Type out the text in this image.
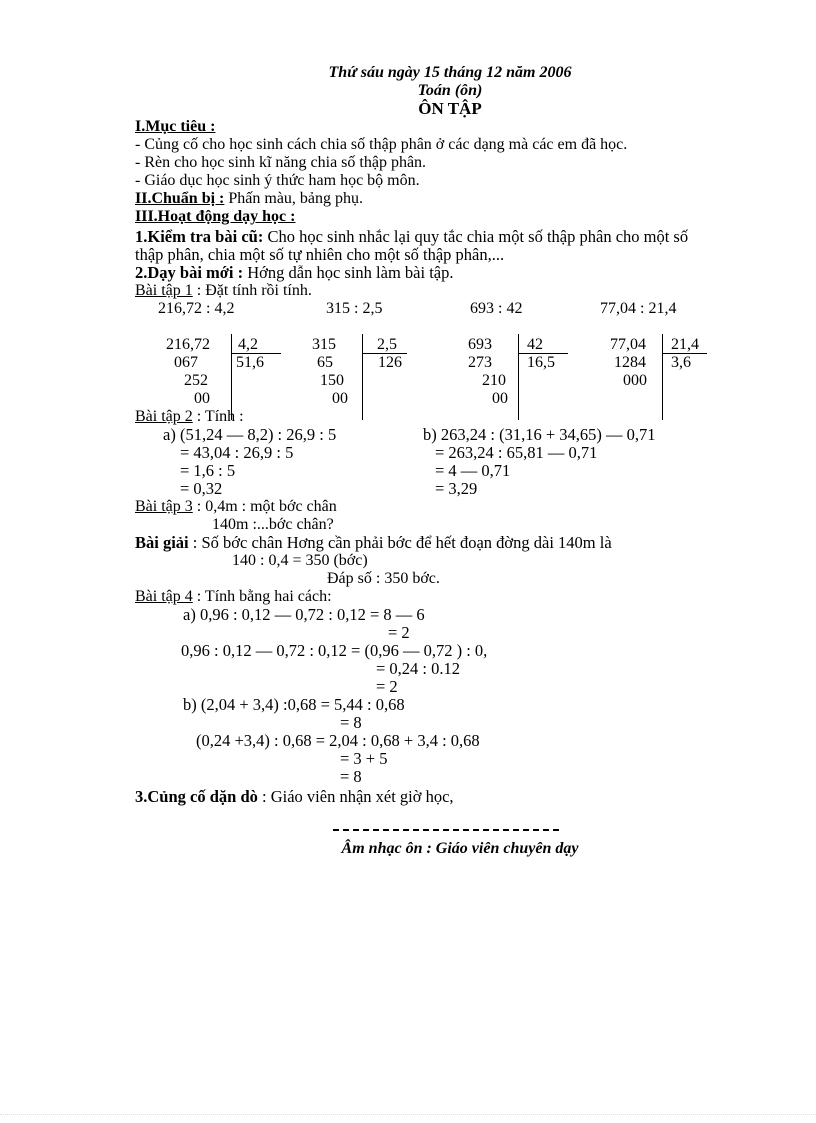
Thứ sáu ngày 15 tháng 12 năm 2006
Toán (ôn)
ÔN TẬP
I.Mục tiêu :
- Củng cố cho học sinh cách chia số thập phân ở các dạng mà các em đã học.
- Rèn cho học sinh kĩ năng chia số thập phân.
- Giáo dục học sinh ý thức ham học bộ môn.
II.Chuẩn bị : Phấn màu, bảng phụ.
III.Hoạt động dạy học :
1.Kiểm tra bài cũ: Cho học sinh nhắc lại quy tắc chia một số thập phân cho một số
thập phân, chia một số tự nhiên cho một số thập phân,...
2.Dạy bài mới : Hớng dẫn học sinh làm bài tập.
Bài tập 1 : Đặt tính rồi tính.
216,72 : 4,2	315 : 2,5	693 : 42	77,04 : 21,4
216,72 4,2
51,6
067
252
00
315	2,5
126
65
150
00
693 42
16,5
273
210
00
77,04 21,4
3,6
1284
000
Bài tập 2 : Tính :
a) (51,24 — 8,2) : 26,9 : 5
= 43,04 : 26,9 : 5
= 1,6 : 5
= 0,32
b) 263,24 : (31,16 + 34,65) — 0,71
= 263,24 : 65,81 — 0,71
= 4 — 0,71
= 3,29
Bài tập 3 : 0,4m : một bớc chân
140m :...bớc chân?
Bài giải : Số bớc chân Hơng cần phải bớc để hết đoạn đờng dài 140m là
140 : 0,4 = 350 (bớc)
Đáp số : 350 bớc.
Bài tập 4 : Tính bằng hai cách:
a) 0,96 : 0,12 — 0,72 : 0,12 = 8 — 6
= 2
0,96 : 0,12 — 0,72 : 0,12 = (0,96 — 0,72 ) : 0,
= 0,24 : 0.12
= 2
b) (2,04 + 3,4) :0,68 = 5,44 : 0,68
= 8
(0,24 +3,4) : 0,68 = 2,04 : 0,68 + 3,4 : 0,68
= 3 + 5
= 8
3.Củng cố dặn dò : Giáo viên nhận xét giờ học,
Âm nhạc ôn : Giáo viên chuyên dạy
